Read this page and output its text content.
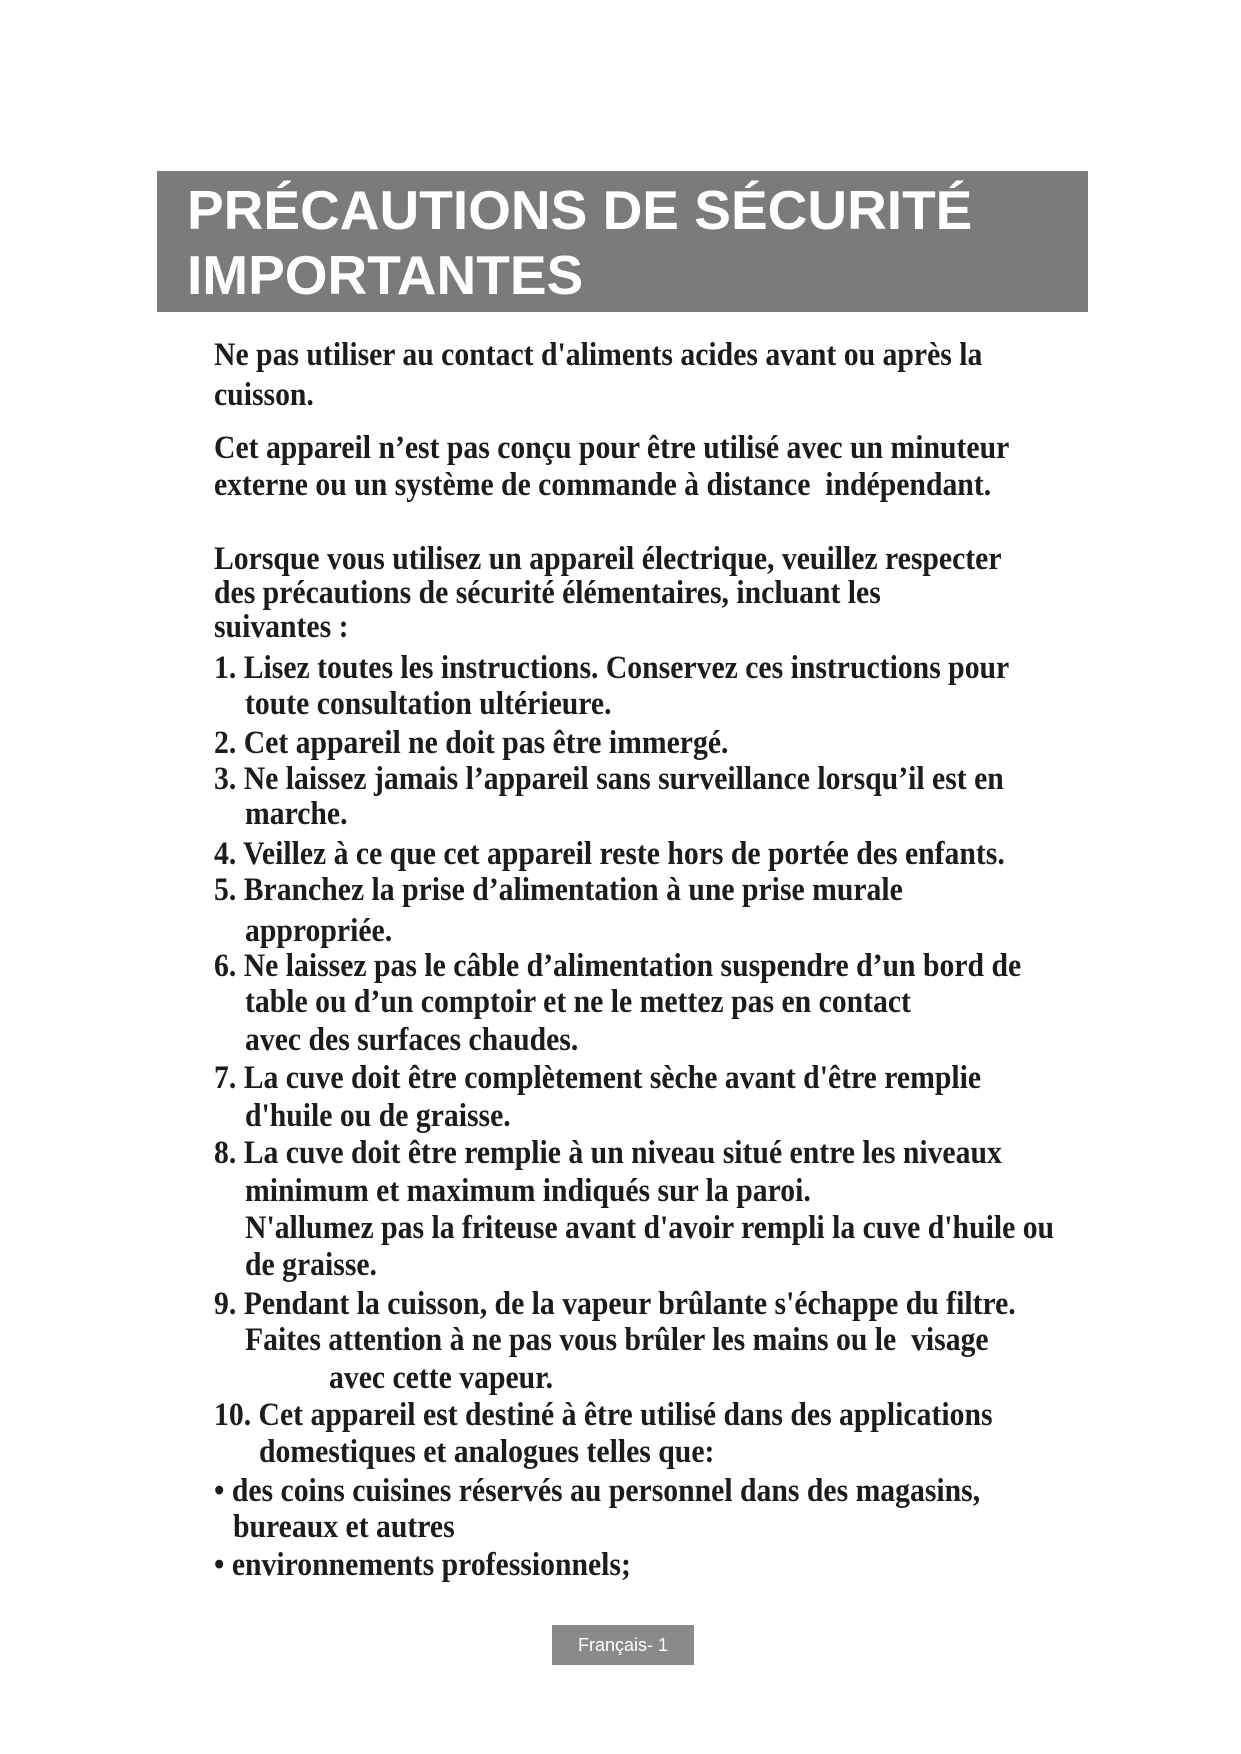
PRÉCAUTIONS DE SÉCURITÉ
IMPORTANTES
Ne pas utiliser au contact d'aliments acides avant ou après la
cuisson.
Cet appareil n’est pas conçu pour être utilisé avec un minuteur
externe ou un système de commande à distance  indépendant.
Lorsque vous utilisez un appareil électrique, veuillez respecter
des précautions de sécurité élémentaires, incluant les
suivantes :
1. Lisez toutes les instructions. Conservez ces instructions pour
toute consultation ultérieure.
2. Cet appareil ne doit pas être immergé.
3. Ne laissez jamais l’appareil sans surveillance lorsqu’il est en
marche.
4. Veillez à ce que cet appareil reste hors de portée des enfants.
5. Branchez la prise d’alimentation à une prise murale
appropriée.
6. Ne laissez pas le câble d’alimentation suspendre d’un bord de
table ou d’un comptoir et ne le mettez pas en contact
avec des surfaces chaudes.
7. La cuve doit être complètement sèche avant d'être remplie
d'huile ou de graisse.
8. La cuve doit être remplie à un niveau situé entre les niveaux
minimum et maximum indiqués sur la paroi.
N'allumez pas la friteuse avant d'avoir rempli la cuve d'huile ou
de graisse.
9. Pendant la cuisson, de la vapeur brûlante s'échappe du filtre.
Faites attention à ne pas vous brûler les mains ou le  visage
avec cette vapeur.
10. Cet appareil est destiné à être utilisé dans des applications
domestiques et analogues telles que:
• des coins cuisines réservés au personnel dans des magasins,
bureaux et autres
• environnements professionnels;
Français- 1
